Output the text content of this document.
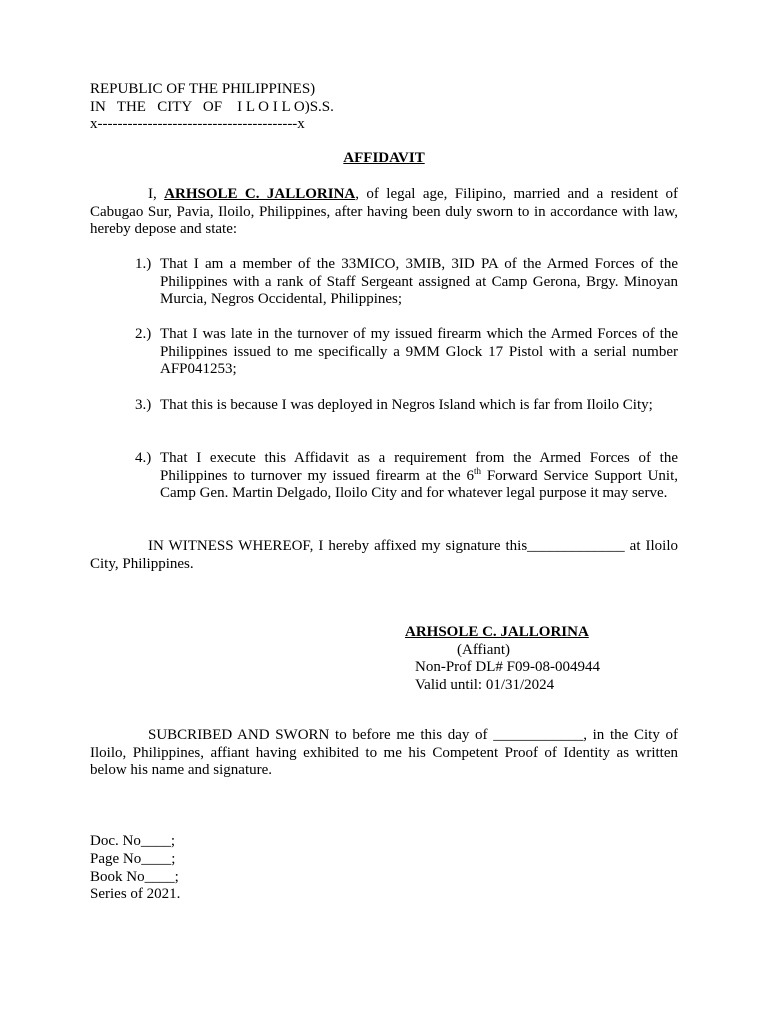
REPUBLIC OF THE PHILIPPINES)
IN   THE   CITY   OF    I L O I L O)S.S.
x----------------------------------------x
AFFIDAVIT
I, ARHSOLE C. JALLORINA, of legal age, Filipino, married and a resident of Cabugao Sur, Pavia, Iloilo, Philippines, after having been duly sworn to in accordance with law, hereby depose and state:
1.) That I am a member of the 33MICO, 3MIB, 3ID PA of the Armed Forces of the Philippines with a rank of Staff Sergeant assigned at Camp Gerona, Brgy. Minoyan Murcia, Negros Occidental, Philippines;
2.) That I was late in the turnover of my issued firearm which the Armed Forces of the Philippines issued to me specifically a 9MM Glock 17 Pistol with a serial number AFP041253;
3.) That this is because I was deployed in Negros Island which is far from Iloilo City;
4.) That I execute this Affidavit as a requirement from the Armed Forces of the Philippines to turnover my issued firearm at the 6th Forward Service Support Unit, Camp Gen. Martin Delgado, Iloilo City and for whatever legal purpose it may serve.
IN WITNESS WHEREOF, I hereby affixed my signature this_____________ at Iloilo City, Philippines.
ARHSOLE C. JALLORINA
(Affiant)
Non-Prof DL# F09-08-004944
Valid until: 01/31/2024
SUBCRIBED AND SWORN to before me this day of ____________, in the City of Iloilo, Philippines, affiant having exhibited to me his Competent Proof of Identity as written below his name and signature.
Doc. No____;
Page No____;
Book No____;
Series of 2021.
